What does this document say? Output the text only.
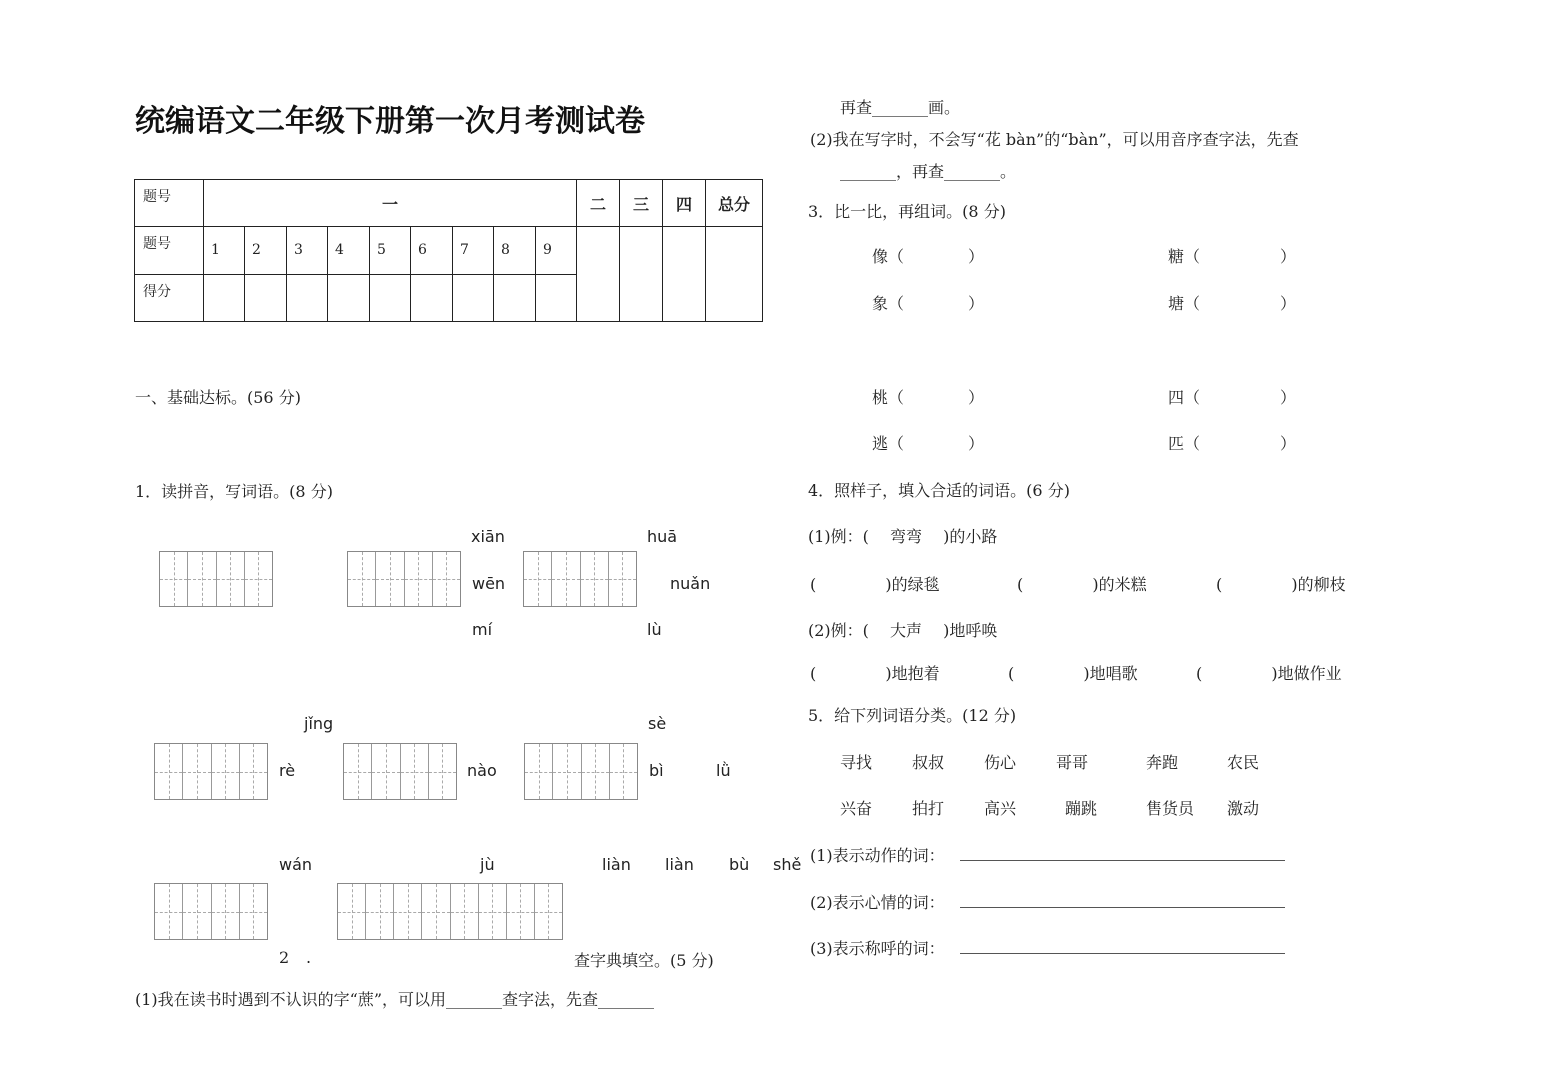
统编语文二年级下册第一次月考测试卷
题号	一									二	三	四	总分
题号	1	2	3	4	5	6	7	8	9				
得分													
一、基础达标。(56 分)
1．读拼音，写词语。(8 分)
xiān	huā
wēn	nuǎn
mí	lù
jǐng	sè
rè	nào	bì	lǜ
wán	jù	liàn liàn bù shě
2 .	查字典填空。(5 分)
(1)我在读书时遇到不认识的字“蔗”，可以用_______查字法，先查_______
再查_______画。
(2)我在写字时，不会写“花 bàn”的“bàn”，可以用音序查字法，先查
_______，再查_______。
3．比一比，再组词。(8 分)
像（　　　　）	糖（　　　　　）
象（　　　　）	塘（　　　　　）
桃（　　　　）	四（　　　　　）
逃（　　　　）	匹（　　　　　）
4．照样子，填入合适的词语。(6 分)
(1)例：(　 弯弯　 )的小路
(　　　　 )的绿毯	(　　　　 )的米糕	(　　　　 )的柳枝
(2)例：(　 大声　 )地呼唤
(　　　　 )地抱着	(　　　　 )地唱歌	(　　　　 )地做作业
5．给下列词语分类。(12 分)
寻找 叔叔 伤心 哥哥	奔跑	农民
兴奋 拍打 高兴	蹦跳	售货员 激动
(1)表示动作的词：
(2)表示心情的词：
(3)表示称呼的词：
